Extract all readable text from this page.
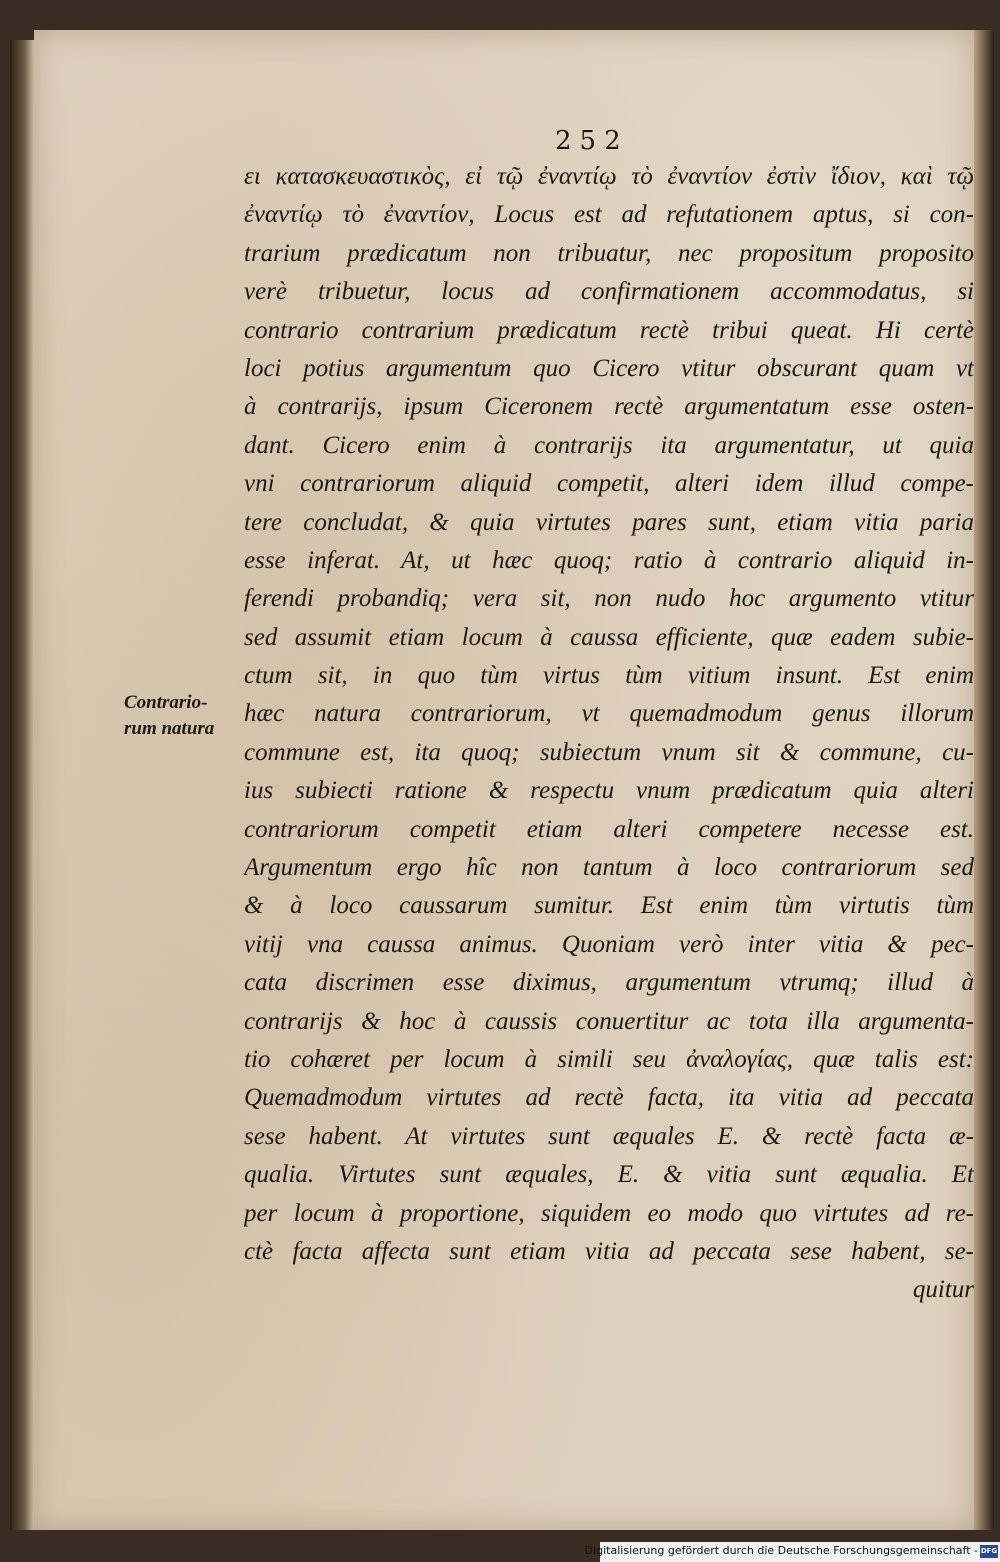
252
Contrario-
rum natura
ει κατασκευαστικὸς, εἰ τῷ ἐναντίῳ τὸ ἐναντίον ἐστὶν ἴδιον, καὶ τῷ
ἐναντίῳ τὸ ἐναντίον, Locus est ad refutationem aptus, si con-
trarium prædicatum non tribuatur, nec propositum proposito
verè tribuetur, locus ad confirmationem accommodatus, si
contrario contrarium prædicatum rectè tribui queat. Hi certè
loci potius argumentum quo Cicero vtitur obscurant quam vt
à contrarijs, ipsum Ciceronem rectè argumentatum esse osten-
dant. Cicero enim à contrarijs ita argumentatur, ut quia
vni contrariorum aliquid competit, alteri idem illud compe-
tere concludat, & quia virtutes pares sunt, etiam vitia paria
esse inferat. At, ut hæc quoq; ratio à contrario aliquid in-
ferendi probandiq; vera sit, non nudo hoc argumento vtitur
sed assumit etiam locum à caussa efficiente, quæ eadem subie-
ctum sit, in quo tùm virtus tùm vitium insunt. Est enim
hæc natura contrariorum, vt quemadmodum genus illorum
commune est, ita quoq; subiectum vnum sit & commune, cu-
ius subiecti ratione & respectu vnum prædicatum quia alteri
contrariorum competit etiam alteri competere necesse est.
Argumentum ergo hîc non tantum à loco contrariorum sed
& à loco caussarum sumitur. Est enim tùm virtutis tùm
vitij vna caussa animus. Quoniam verò inter vitia & pec-
cata discrimen esse diximus, argumentum vtrumq; illud à
contrarijs & hoc à caussis conuertitur ac tota illa argumenta-
tio cohæret per locum à simili seu ἀναλογίας, quæ talis est:
Quemadmodum virtutes ad rectè facta, ita vitia ad peccata
sese habent. At virtutes sunt æquales E. & rectè facta æ-
qualia. Virtutes sunt æquales, E. & vitia sunt æqualia. Et
per locum à proportione, siquidem eo modo quo virtutes ad re-
ctè facta affecta sunt etiam vitia ad peccata sese habent, se-
quitur
Digitalisierung gefördert durch die Deutsche Forschungsgemeinschaft - DFG
